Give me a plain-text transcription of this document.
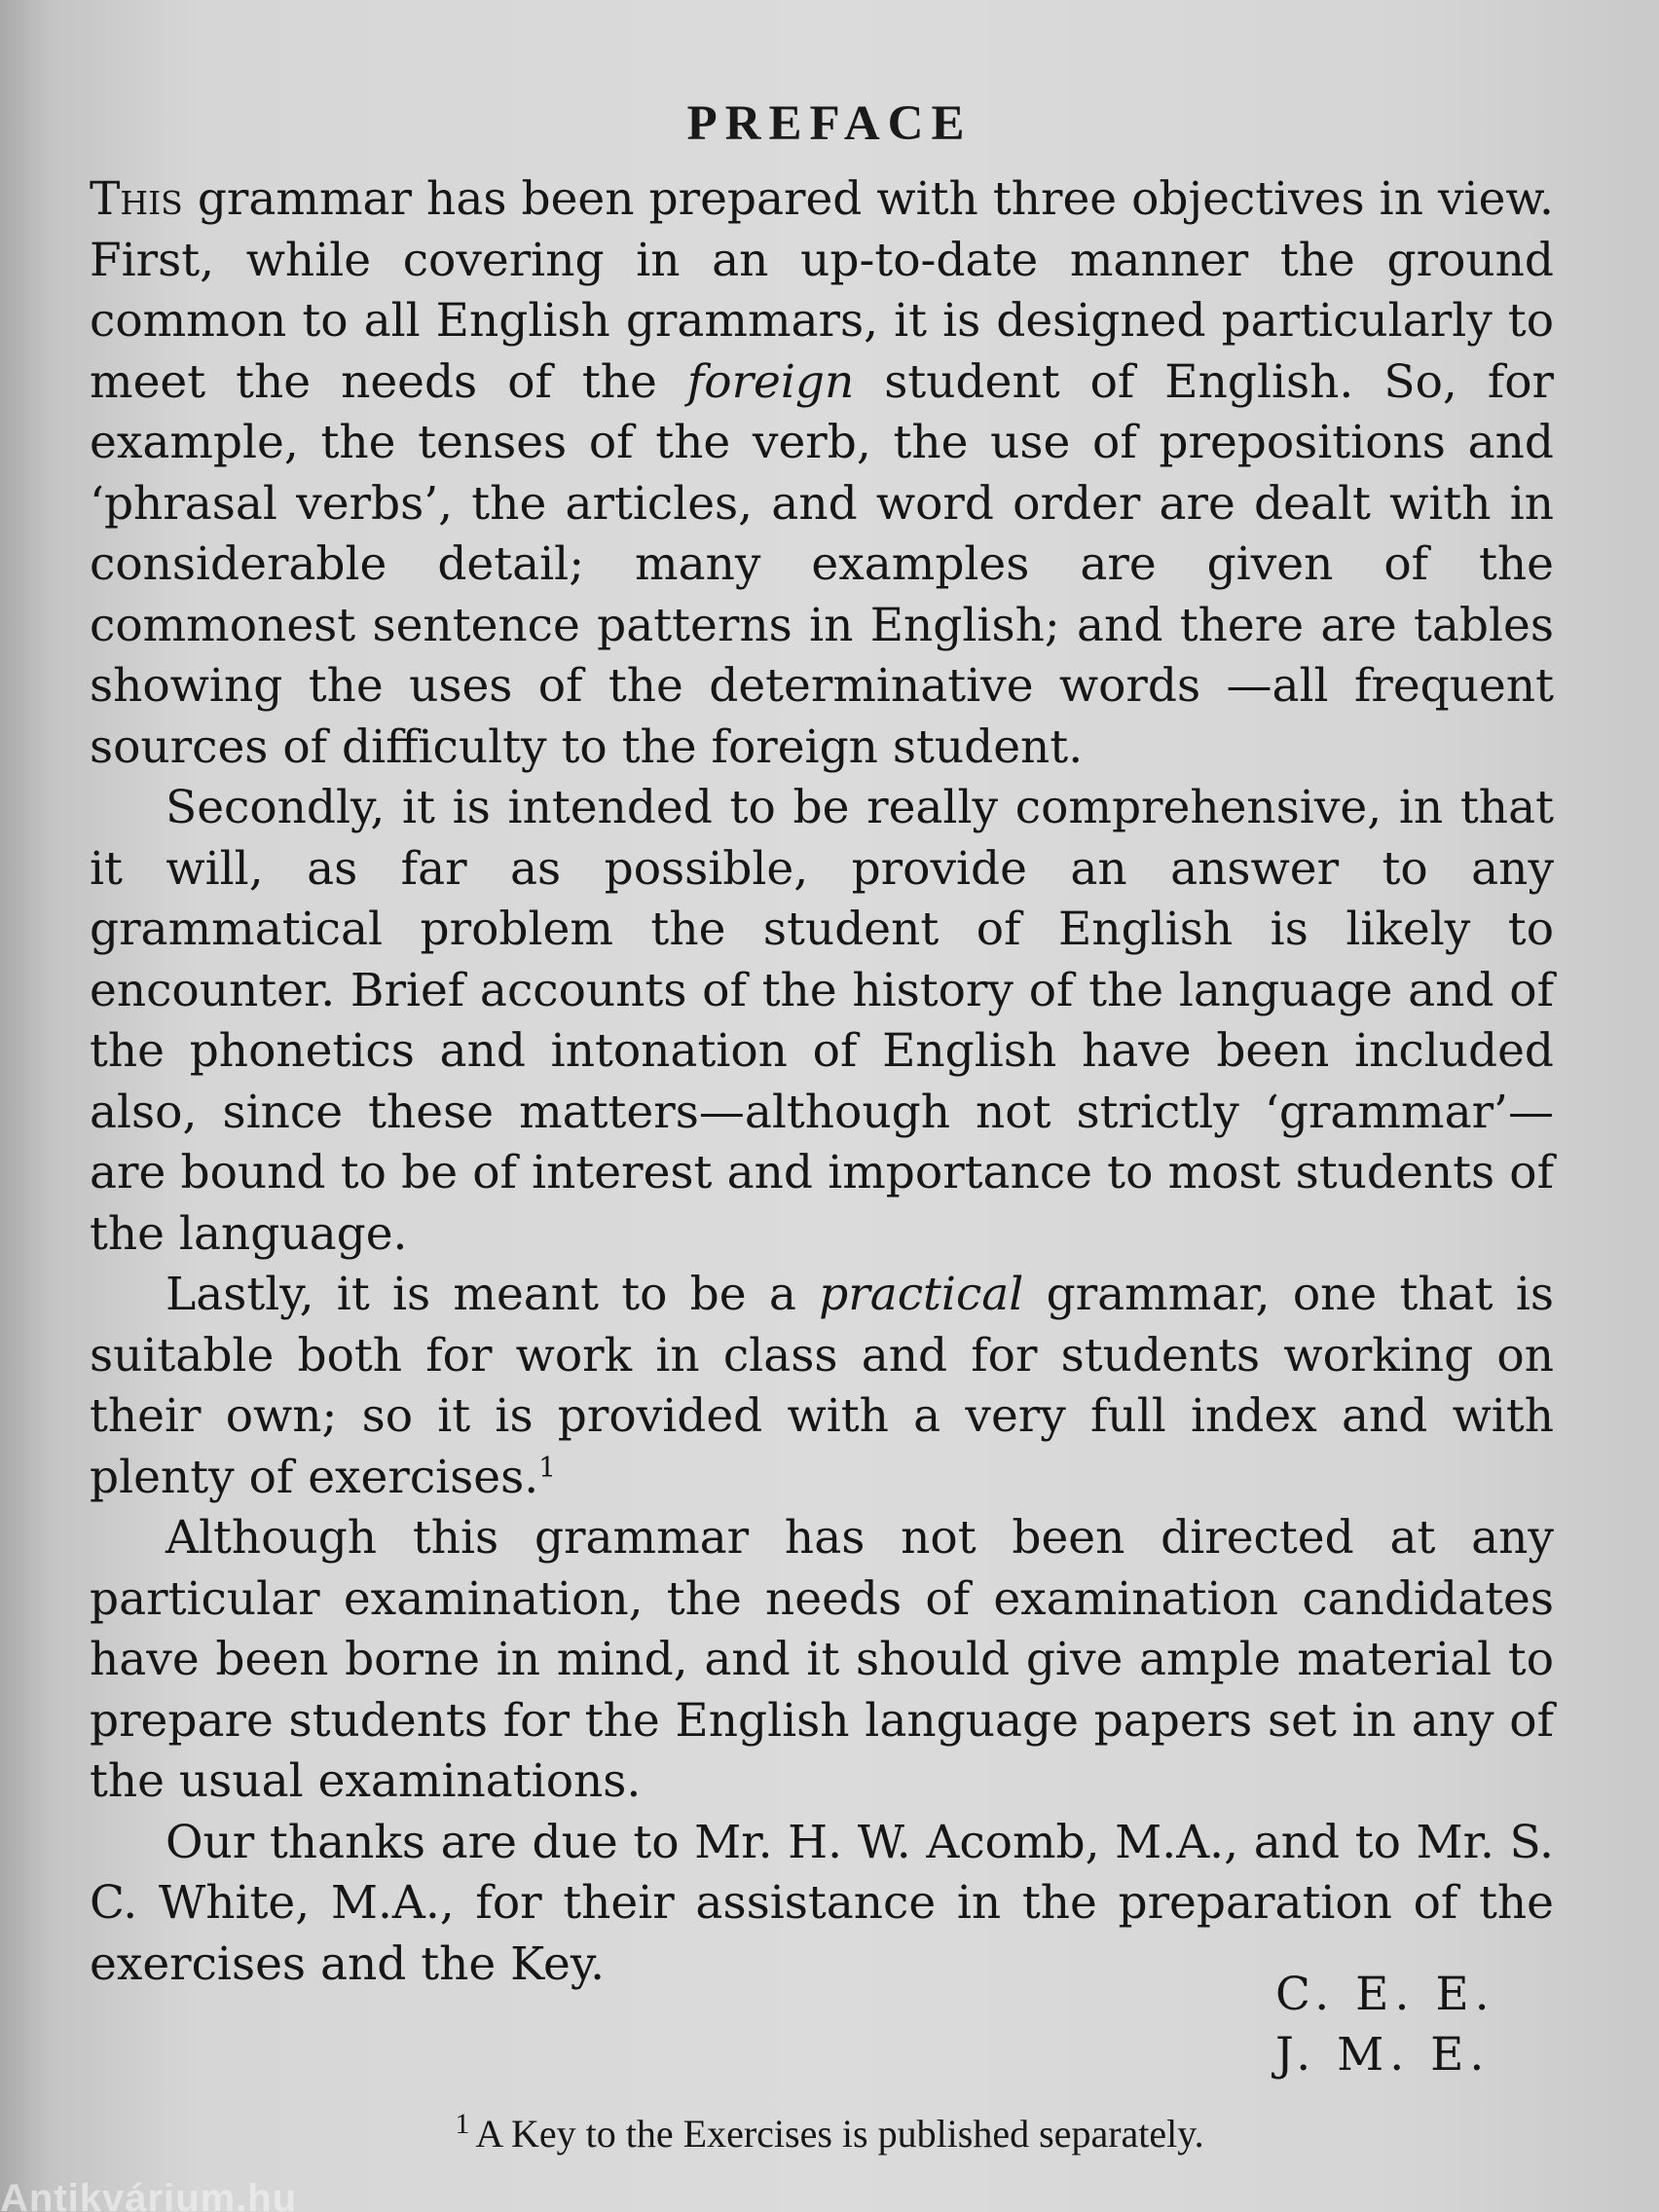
PREFACE

This grammar has been prepared with three objectives in view. First, while covering in an up-to-date manner the ground common to all English grammars, it is designed particularly to meet the needs of the foreign student of English. So, for example, the tenses of the verb, the use of prepositions and ‘phrasal verbs’, the articles, and word order are dealt with in considerable detail; many examples are given of the commonest sentence patterns in English; and there are tables showing the uses of the determinative words —all frequent sources of difficulty to the foreign student.

Secondly, it is intended to be really comprehensive, in that it will, as far as possible, provide an answer to any grammatical problem the student of English is likely to encounter. Brief accounts of the history of the language and of the phonetics and intonation of English have been included also, since these matters—although not strictly ‘grammar’—are bound to be of interest and importance to most students of the language.

Lastly, it is meant to be a practical grammar, one that is suitable both for work in class and for students working on their own; so it is provided with a very full index and with plenty of exercises.$^1$

Although this grammar has not been directed at any particular examination, the needs of examination candidates have been borne in mind, and it should give ample material to prepare students for the English language papers set in any of the usual examinations.

Our thanks are due to Mr. H. W. Acomb, M.A., and to Mr. S. C. White, M.A., for their assistance in the preparation of the exercises and the Key.

C. E. E.
J. M. E.
$^1$ A Key to the Exercises is published separately.
Antikvárium.hu
